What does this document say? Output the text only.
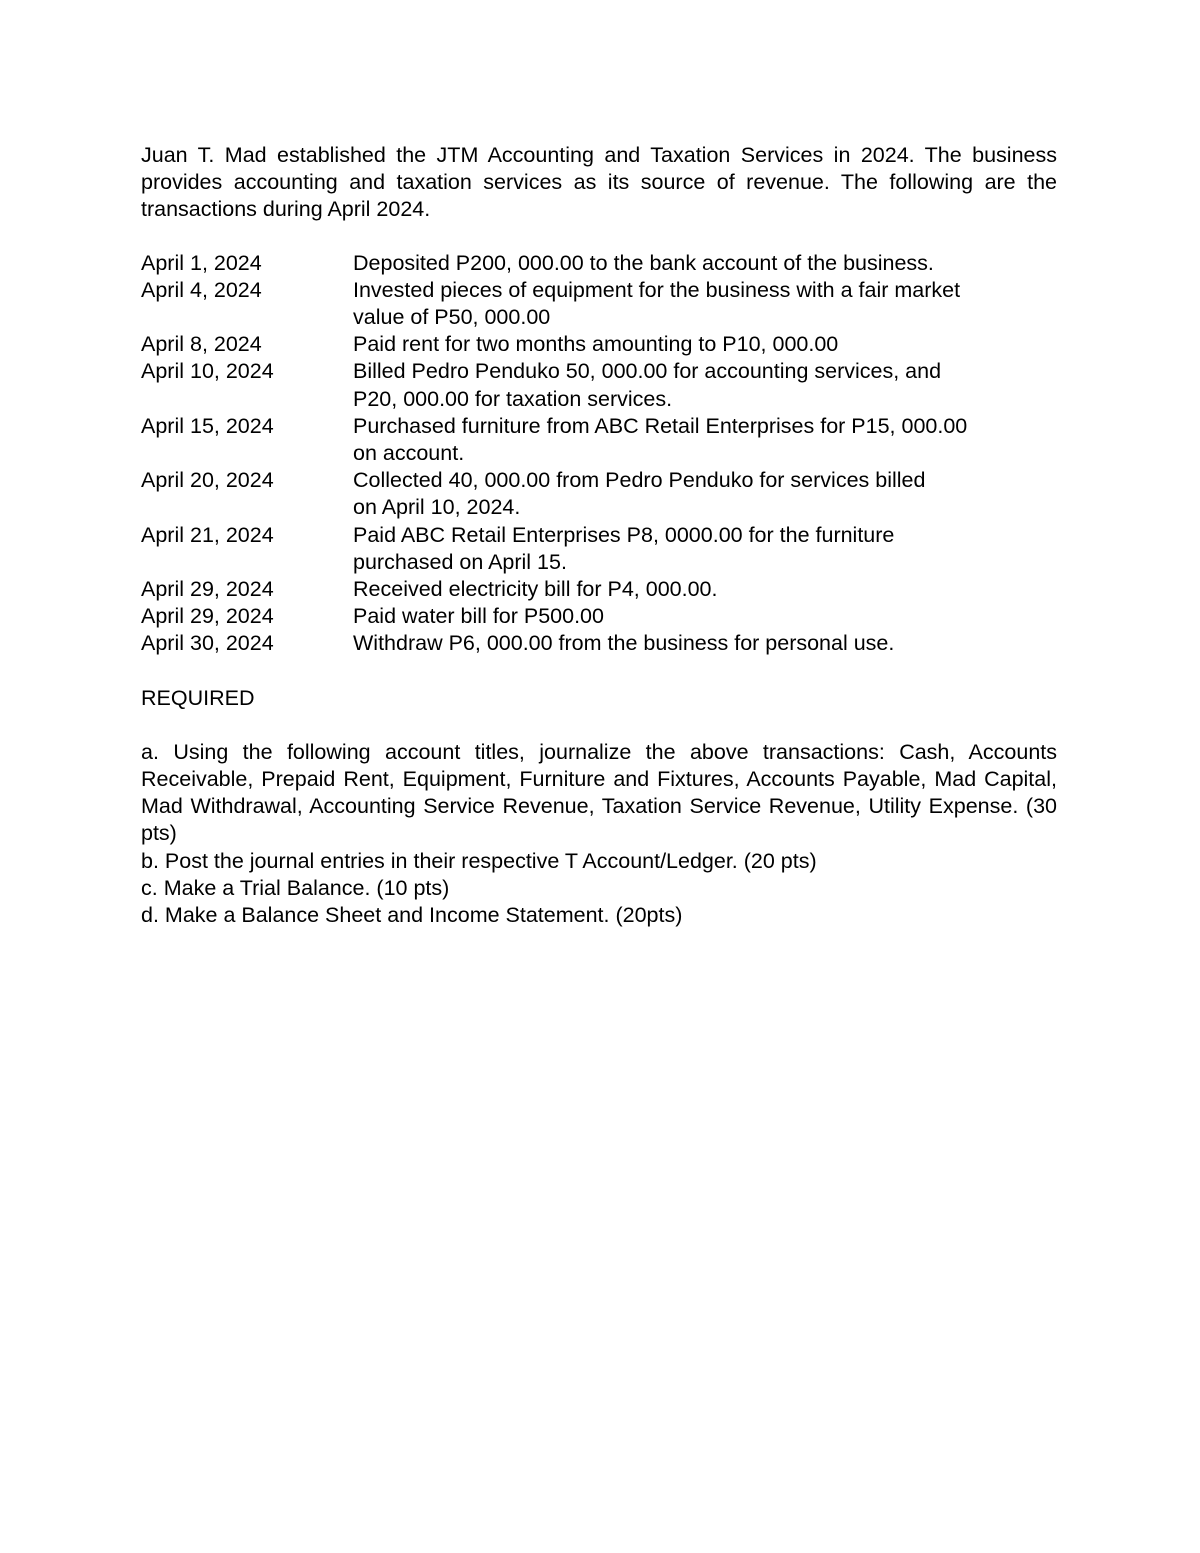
Juan T. Mad established the JTM Accounting and Taxation Services in 2024. The business provides accounting and taxation services as its source of revenue. The following are the transactions during April 2024.

April 1, 2024	Deposited P200, 000.00 to the bank account of the business.
April 4, 2024	Invested pieces of equipment for the business with a fair market
value of P50, 000.00
April 8, 2024	Paid rent for two months amounting to P10, 000.00
April 10, 2024	Billed Pedro Penduko 50, 000.00 for accounting services, and
P20, 000.00 for taxation services.
April 15, 2024	Purchased furniture from ABC Retail Enterprises for P15, 000.00
on account.
April 20, 2024	Collected 40, 000.00 from Pedro Penduko for services billed
on April 10, 2024.
April 21, 2024	Paid ABC Retail Enterprises P8, 0000.00 for the furniture
purchased on April 15.
April 29, 2024	Received electricity bill for P4, 000.00.
April 29, 2024	Paid water bill for P500.00
April 30, 2024	Withdraw P6, 000.00 from the business for personal use.
REQUIRED
a. Using the following account titles, journalize the above transactions: Cash, Accounts Receivable, Prepaid Rent, Equipment, Furniture and Fixtures, Accounts Payable, Mad Capital, Mad Withdrawal, Accounting Service Revenue, Taxation Service Revenue, Utility Expense. (30 pts)
b. Post the journal entries in their respective T Account/Ledger. (20 pts)
c. Make a Trial Balance. (10 pts)
d. Make a Balance Sheet and Income Statement. (20pts)
